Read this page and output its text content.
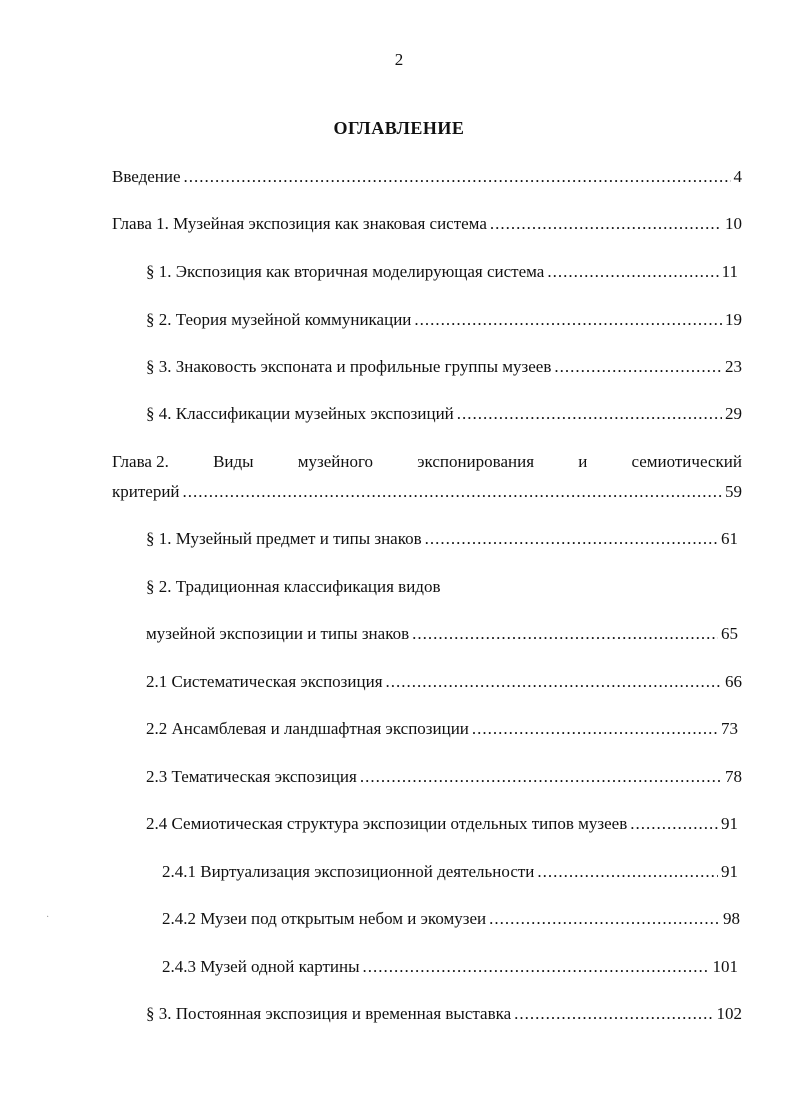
2
ОГЛАВЛЕНИЕ
Введение .....	4
Глава 1. Музейная экспозиция как знаковая система .....	10
§ 1. Экспозиция как вторичная моделирующая система .....	11
§ 2. Теория музейной коммуникации .....	19
§ 3. Знаковость экспоната и профильные группы музеев .....	23
§ 4. Классификации музейных экспозиций .....	29
Глава 2.	Виды	музейного	экспонирования	и	семиотический
критерий .....	59
§ 1. Музейный предмет и типы знаков .....	61
§ 2. Традиционная классификация видов
музейной экспозиции и типы знаков .....	65
2.1 Систематическая экспозиция .....	66
2.2 Ансамблевая и ландшафтная экспозиции .....	73
2.3 Тематическая экспозиция .....	78
2.4 Семиотическая структура экспозиции отдельных типов музеев .....	91
2.4.1 Виртуализация экспозиционной деятельности .....	91
2.4.2 Музеи под открытым небом и экомузеи .....	98
2.4.3 Музей одной картины .....	101
§ 3. Постоянная экспозиция и временная выставка .....	102
·
